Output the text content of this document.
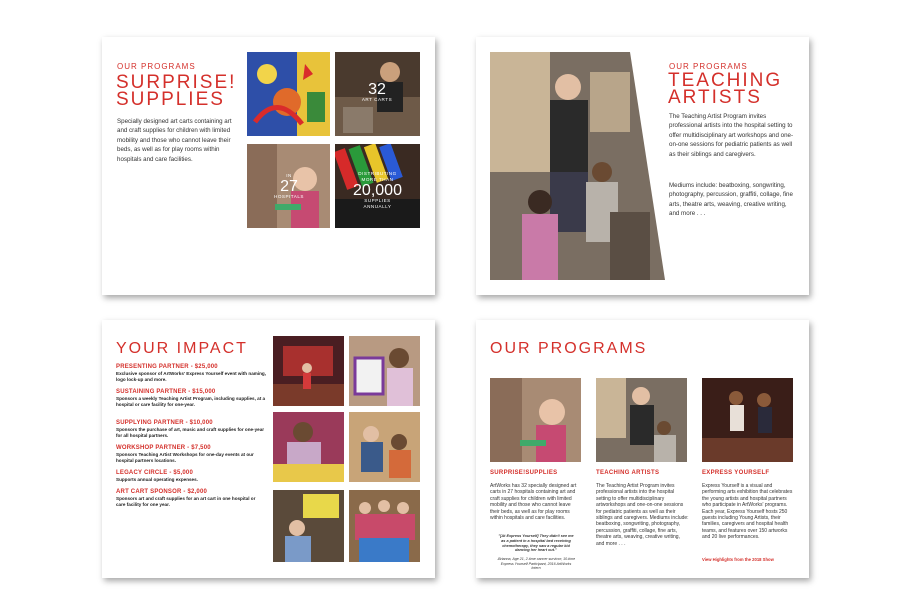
OUR PROGRAMS
SURPRISE!
SUPPLIES
Specially designed art carts containing art and craft supplies for children with limited mobility and those who cannot leave their beds, as well as for play rooms within hospitals and care facilities.
32
ART CARTS
IN
27
HOSPITALS
DISTRIBUTING MORE THAN
20,000
SUPPLIES ANNUALLY
OUR PROGRAMS
TEACHING
ARTISTS
The Teaching Artist Program invites professional artists into the hospital setting to offer multidisciplinary art workshops and one-on-one sessions for pediatric patients as well as their siblings and caregivers.
Mediums include: beatboxing, songwriting, photography, percussion, graffiti, collage, fine arts, theatre arts, weaving, creative writing, and more . . .
YOUR IMPACT
PRESENTING PARTNER - $25,000
Exclusive sponsor of ArtWorks' Express Yourself event with naming, logo lock-up and more.
SUSTAINING PARTNER - $15,000
Sponsors a weekly Teaching Artist Program, including supplies, at a hospital or care facility for one-year.
SUPPLYING PARTNER - $10,000
Sponsors the purchase of art, music and craft supplies for one-year for all hospital partners.
WORKSHOP PARTNER - $7,500
Sponsors Teaching Artist Workshops for one-day events at our hospital partners locations.
LEGACY CIRCLE - $5,000
Supports annual operating expenses.
ART CART SPONSOR - $2,000
Sponsors art and craft supplies for an art cart in one hospital or care facility for one year.
OUR PROGRAMS
SURPRISE!SUPPLIES
ArtWorks has 32 specially designed art carts in 27 hospitals containing art and craft supplies for children with limited mobility and those who cannot leave their beds, as well as for play rooms within hospitals and care facilities.
"[At Express Yourself] They didn't see me as a patient in a hospital bed receiving chemotherapy, they saw a regular kid dancing her heart out."
-Brianna, Age 21, 2-time cancer survivor; 10-time Express Yourself Participant, 2016 ArtWorks Intern
TEACHING ARTISTS
The Teaching Artist Program invites professional artists into the hospital setting to offer multidisciplinary artworkshops and one-on-one sessions for pediatric patients as well as their siblings and caregivers. Mediums include: beatboxing, songwriting, photography, percussion, graffiti, collage, fine arts, theatre arts, weaving, creative writing, and more . . .
EXPRESS YOURSELF
Express Yourself is a visual and performing arts exhibition that celebrates the young artists and hospital partners who participate in ArtWorks' programs. Each year, Express Yourself hosts 250 guests including Young Artists, their families, caregivers and hospital health teams, and features over 150 artworks and 20 live performances.
View Highlights from the 2018 Show
